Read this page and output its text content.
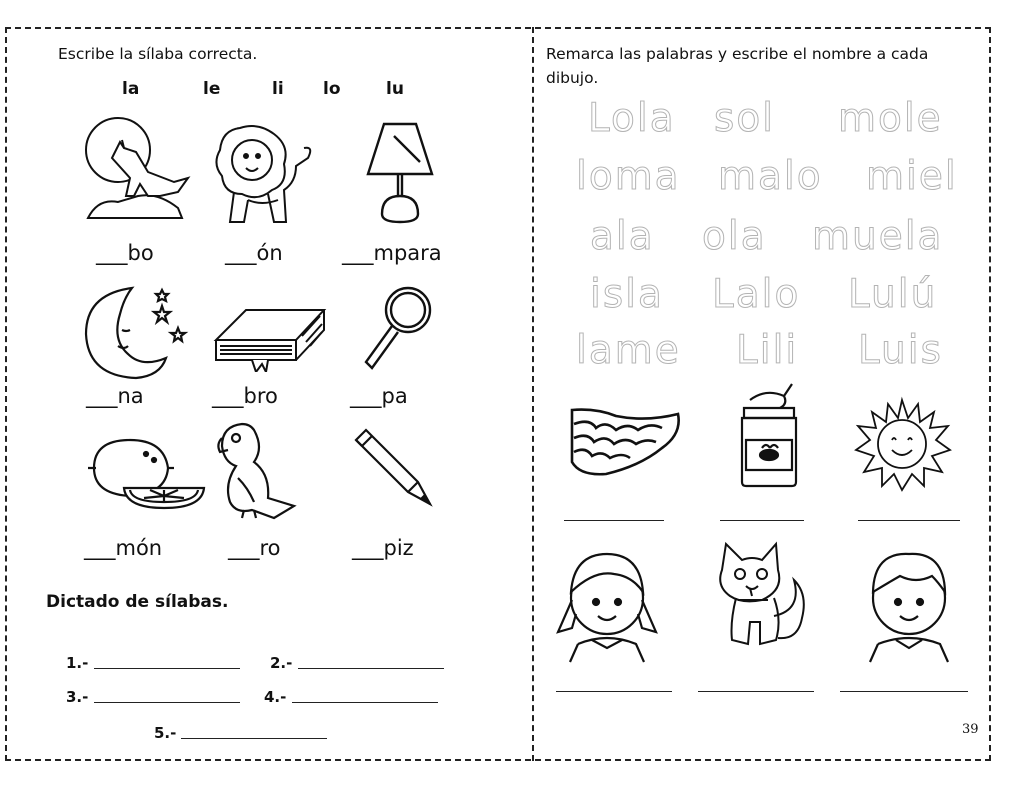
Escribe la sílaba correcta.
la	le	li lo	lu
___bo	___ón	___mpara
___na	___bro	___pa
___món	___ro	___piz
Dictado de sílabas.
1.-	2.-
3.-	4.-
5.-
Remarca las palabras y escribe el nombre a cada dibujo.
Lola sol mole
loma malo miel
ala ola muela
isla Lalo Lulú
lame Lili Luis
39
